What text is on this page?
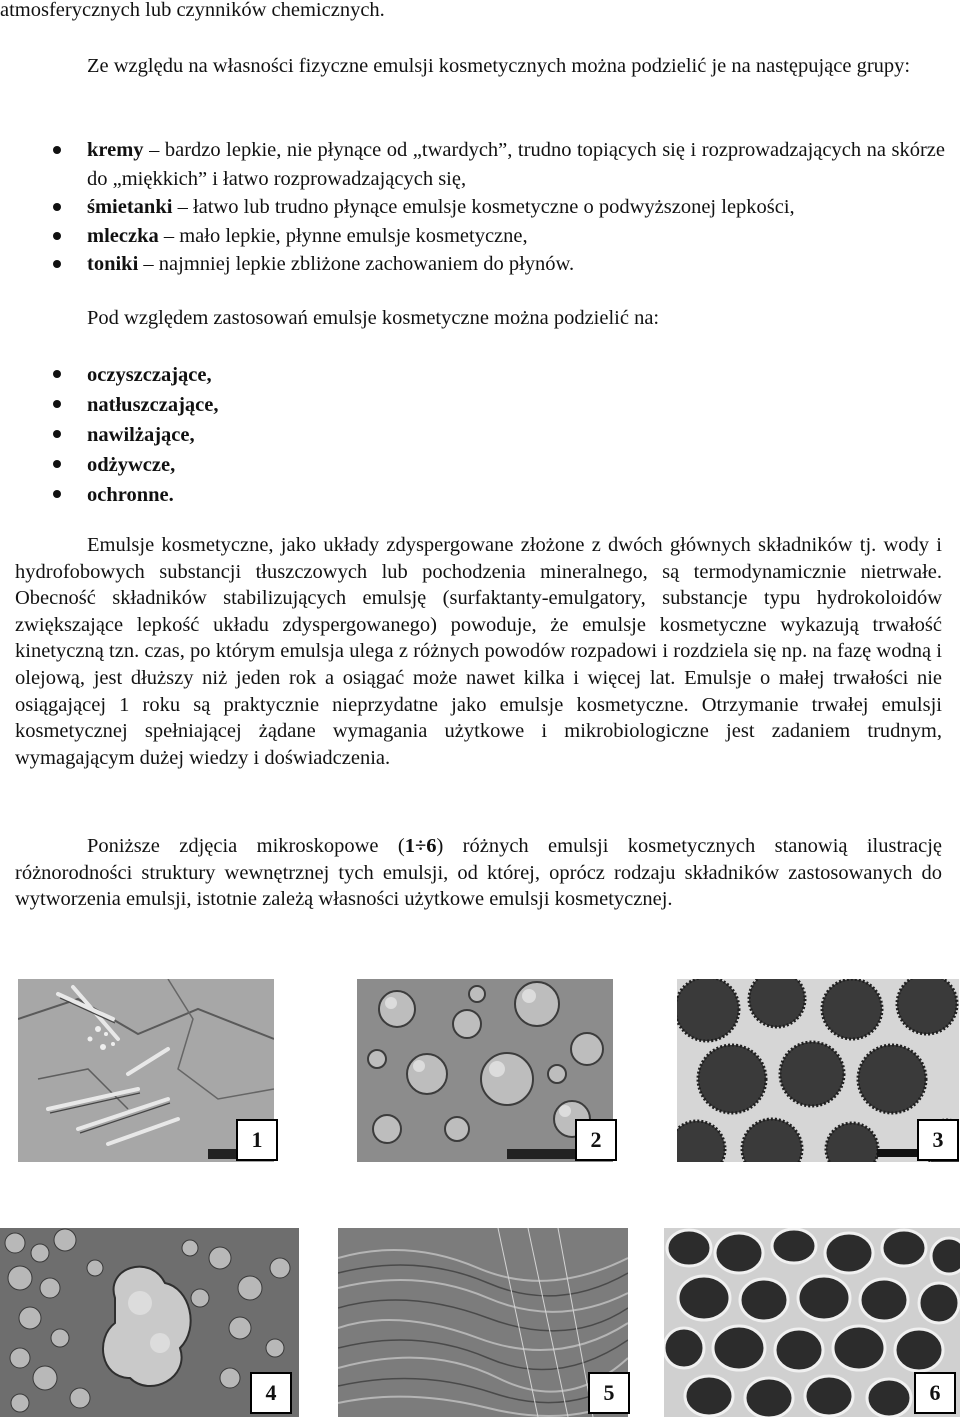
atmosferycznych lub czynników chemicznych.
Ze względu na własności fizyczne emulsji kosmetycznych można podzielić je na następujące grupy:
kremy – bardzo lepkie, nie płynące od „twardych”, trudno topiących się i rozprowadzających na skórze do „miękkich” i łatwo rozprowadzających się,
śmietanki – łatwo lub trudno płynące emulsje kosmetyczne o podwyższonej lepkości,
mleczka – mało lepkie, płynne emulsje kosmetyczne,
toniki – najmniej lepkie zbliżone zachowaniem do płynów.
Pod względem zastosowań emulsje kosmetyczne można podzielić na:
oczyszczające,
natłuszczające,
nawilżające,
odżywcze,
ochronne.
Emulsje kosmetyczne, jako układy zdyspergowane złożone z dwóch głównych składników tj. wody i hydrofobowych substancji tłuszczowych lub pochodzenia mineralnego, są termodynamicznie nietrwałe. Obecność składników stabilizujących emulsję (surfaktanty-emulgatory, substancje typu hydrokoloidów zwiększające lepkość układu zdyspergowanego) powoduje, że emulsje kosmetyczne wykazują trwałość kinetyczną tzn. czas, po którym emulsja ulega z różnych powodów rozpadowi i rozdziela się np. na fazę wodną i olejową, jest dłuższy niż jeden rok a osiągać może nawet kilka i więcej lat. Emulsje o małej trwałości nie osiągającej 1 roku są praktycznie nieprzydatne jako emulsje kosmetyczne. Otrzymanie trwałej emulsji kosmetycznej spełniającej żądane wymagania użytkowe i mikrobiologiczne jest zadaniem trudnym, wymagającym dużej wiedzy i doświadczenia.
Poniższe zdjęcia mikroskopowe (1÷6) różnych emulsji kosmetycznych stanowią ilustrację różnorodności struktury wewnętrznej tych emulsji, od której, oprócz rodzaju składników zastosowanych do wytworzenia emulsji, istotnie zależą własności użytkowe emulsji kosmetycznej.
1	2	3
4	5	6
